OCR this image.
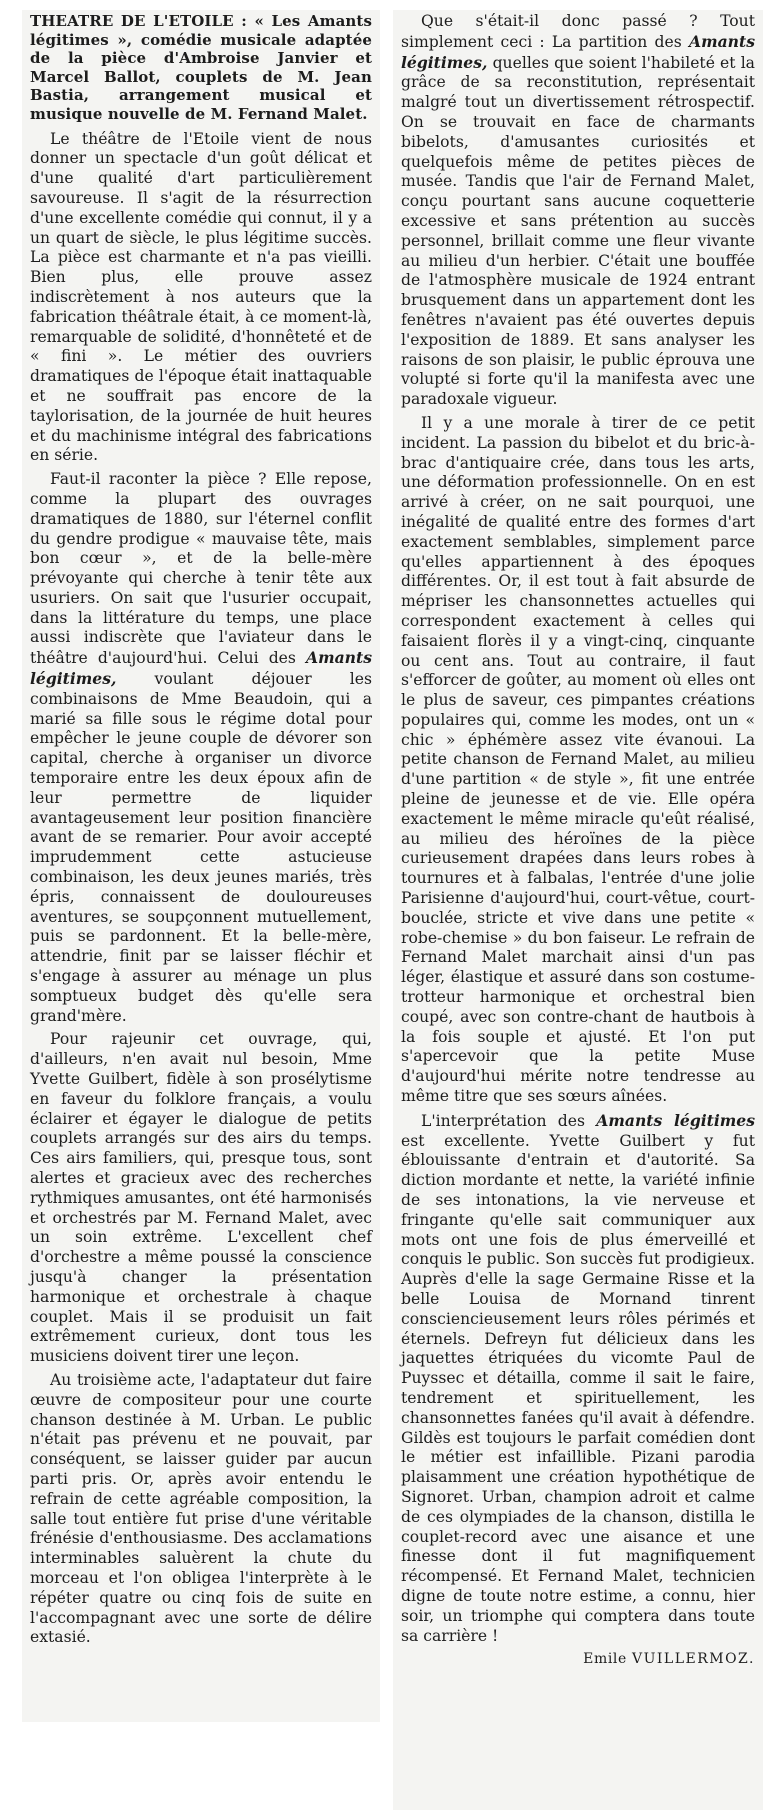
THEATRE DE L'ETOILE : « Les Amants légitimes », comédie musicale adaptée de la pièce d'Ambroise Janvier et Marcel Ballot, couplets de M. Jean Bastia, arrangement musical et musique nouvelle de M. Fernand Malet.

Le théâtre de l'Etoile vient de nous donner un spectacle d'un goût délicat et d'une qualité d'art particulièrement savoureuse. Il s'agit de la résurrection d'une excellente comédie qui connut, il y a un quart de siècle, le plus légitime succès. La pièce est charmante et n'a pas vieilli. Bien plus, elle prouve assez indiscrètement à nos auteurs que la fabrication théâtrale était, à ce moment-là, remarquable de solidité, d'honnêteté et de « fini ». Le métier des ouvriers dramatiques de l'époque était inattaquable et ne souffrait pas encore de la taylorisation, de la journée de huit heures et du machinisme intégral des fabrications en série.

Faut-il raconter la pièce ? Elle repose, comme la plupart des ouvrages dramatiques de 1880, sur l'éternel conflit du gendre prodigue « mauvaise tête, mais bon cœur », et de la belle-mère prévoyante qui cherche à tenir tête aux usuriers. On sait que l'usurier occupait, dans la littérature du temps, une place aussi indiscrète que l'aviateur dans le théâtre d'aujourd'hui. Celui des Amants légitimes, voulant déjouer les combinaisons de Mme Beaudoin, qui a marié sa fille sous le régime dotal pour empêcher le jeune couple de dévorer son capital, cherche à organiser un divorce temporaire entre les deux époux afin de leur permettre de liquider avantageusement leur position financière avant de se remarier. Pour avoir accepté imprudemment cette astucieuse combinaison, les deux jeunes mariés, très épris, connaissent de douloureuses aventures, se soupçonnent mutuellement, puis se pardonnent. Et la belle-mère, attendrie, finit par se laisser fléchir et s'engage à assurer au ménage un plus somptueux budget dès qu'elle sera grand'mère.

Pour rajeunir cet ouvrage, qui, d'ailleurs, n'en avait nul besoin, Mme Yvette Guilbert, fidèle à son prosélytisme en faveur du folklore français, a voulu éclairer et égayer le dialogue de petits couplets arrangés sur des airs du temps. Ces airs familiers, qui, presque tous, sont alertes et gracieux avec des recherches rythmiques amusantes, ont été harmonisés et orchestrés par M. Fernand Malet, avec un soin extrême. L'excellent chef d'orchestre a même poussé la conscience jusqu'à changer la présentation harmonique et orchestrale à chaque couplet. Mais il se produisit un fait extrêmement curieux, dont tous les musiciens doivent tirer une leçon.

Au troisième acte, l'adaptateur dut faire œuvre de compositeur pour une courte chanson destinée à M. Urban. Le public n'était pas prévenu et ne pouvait, par conséquent, se laisser guider par aucun parti pris. Or, après avoir entendu le refrain de cette agréable composition, la salle tout entière fut prise d'une véritable frénésie d'enthousiasme. Des acclamations interminables saluèrent la chute du morceau et l'on obligea l'interprète à le répéter quatre ou cinq fois de suite en l'accompagnant avec une sorte de délire extasié.

Que s'était-il donc passé ? Tout simplement ceci : La partition des Amants légitimes, quelles que soient l'habileté et la grâce de sa reconstitution, représentait malgré tout un divertissement rétrospectif. On se trouvait en face de charmants bibelots, d'amusantes curiosités et quelquefois même de petites pièces de musée. Tandis que l'air de Fernand Malet, conçu pourtant sans aucune coquetterie excessive et sans prétention au succès personnel, brillait comme une fleur vivante au milieu d'un herbier. C'était une bouffée de l'atmosphère musicale de 1924 entrant brusquement dans un appartement dont les fenêtres n'avaient pas été ouvertes depuis l'exposition de 1889. Et sans analyser les raisons de son plaisir, le public éprouva une volupté si forte qu'il la manifesta avec une paradoxale vigueur.

Il y a une morale à tirer de ce petit incident. La passion du bibelot et du bric-à-brac d'antiquaire crée, dans tous les arts, une déformation professionnelle. On en est arrivé à créer, on ne sait pourquoi, une inégalité de qualité entre des formes d'art exactement semblables, simplement parce qu'elles appartiennent à des époques différentes. Or, il est tout à fait absurde de mépriser les chansonnettes actuelles qui correspondent exactement à celles qui faisaient florès il y a vingt-cinq, cinquante ou cent ans. Tout au contraire, il faut s'efforcer de goûter, au moment où elles ont le plus de saveur, ces pimpantes créations populaires qui, comme les modes, ont un « chic » éphémère assez vite évanoui. La petite chanson de Fernand Malet, au milieu d'une partition « de style », fit une entrée pleine de jeunesse et de vie. Elle opéra exactement le même miracle qu'eût réalisé, au milieu des héroïnes de la pièce curieusement drapées dans leurs robes à tournures et à falbalas, l'entrée d'une jolie Parisienne d'aujourd'hui, court-vêtue, court-bouclée, stricte et vive dans une petite « robe-chemise » du bon faiseur. Le refrain de Fernand Malet marchait ainsi d'un pas léger, élastique et assuré dans son costume-trotteur harmonique et orchestral bien coupé, avec son contre-chant de hautbois à la fois souple et ajusté. Et l'on put s'apercevoir que la petite Muse d'aujourd'hui mérite notre tendresse au même titre que ses sœurs aînées.

L'interprétation des Amants légitimes est excellente. Yvette Guilbert y fut éblouissante d'entrain et d'autorité. Sa diction mordante et nette, la variété infinie de ses intonations, la vie nerveuse et fringante qu'elle sait communiquer aux mots ont une fois de plus émerveillé et conquis le public. Son succès fut prodigieux. Auprès d'elle la sage Germaine Risse et la belle Louisa de Mornand tinrent consciencieusement leurs rôles périmés et éternels. Defreyn fut délicieux dans les jaquettes étriquées du vicomte Paul de Puyssec et détailla, comme il sait le faire, tendrement et spirituellement, les chansonnettes fanées qu'il avait à défendre. Gildès est toujours le parfait comédien dont le métier est infaillible. Pizani parodia plaisamment une création hypothétique de Signoret. Urban, champion adroit et calme de ces olympiades de la chanson, distilla le couplet-record avec une aisance et une finesse dont il fut magnifiquement récompensé. Et Fernand Malet, technicien digne de toute notre estime, a connu, hier soir, un triomphe qui comptera dans toute sa carrière !

Emile VUILLERMOZ.
